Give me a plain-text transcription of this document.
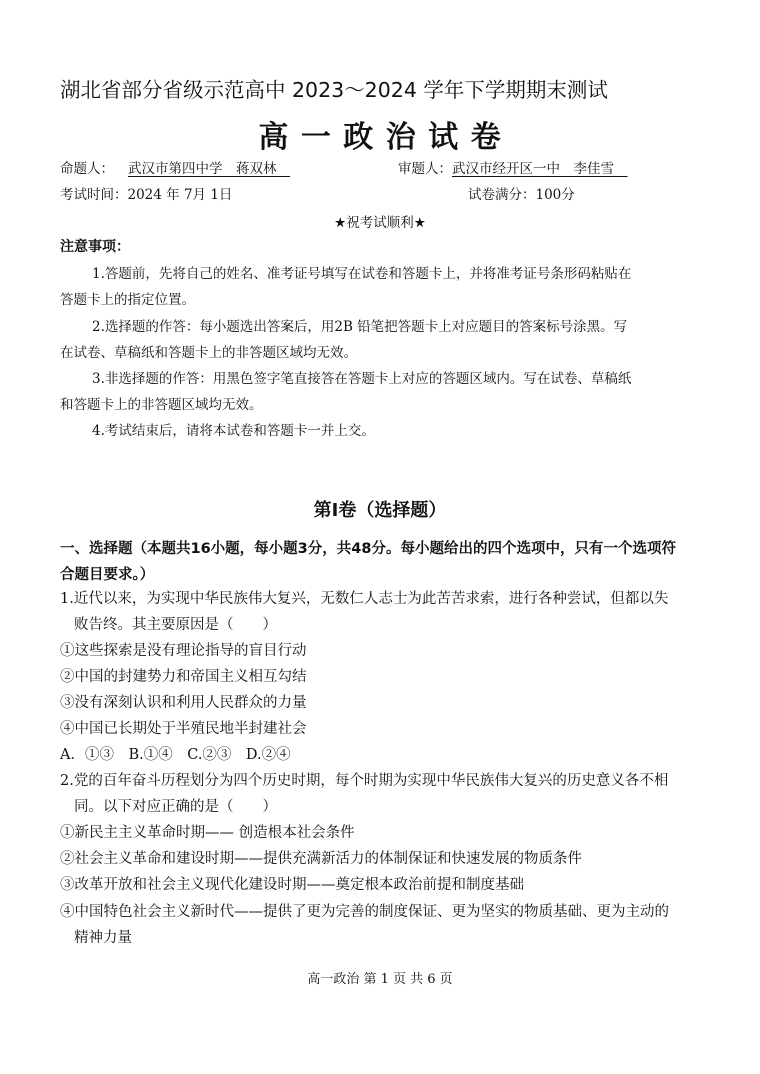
湖北省部分省级示范高中 2023～2024 学年下学期期末测试
高 一 政 治 试 卷
命题人： 武汉市第四中学　蒋双林　	审题人：武汉市经开区一中　李佳雪　
考试时间：2024 年 7月 1日	试卷满分：100分
★祝考试顺利★
注意事项：
1.答题前，先将自己的姓名、准考证号填写在试卷和答题卡上，并将准考证号条形码粘贴在
答题卡上的指定位置。
2.选择题的作答：每小题选出答案后，用2B 铅笔把答题卡上对应题目的答案标号涂黑。写
在试卷、草稿纸和答题卡上的非答题区域均无效。
3.非选择题的作答：用黑色签字笔直接答在答题卡上对应的答题区域内。写在试卷、草稿纸
和答题卡上的非答题区域均无效。
4.考试结束后，请将本试卷和答题卡一并上交。
第Ⅰ卷（选择题）
一、选择题（本题共16小题，每小题3分，共48分。每小题给出的四个选项中，只有一个选项符
合题目要求。）
1.近代以来，为实现中华民族伟大复兴，无数仁人志士为此苦苦求索，进行各种尝试，但都以失
败告终。其主要原因是（　　）
①这些探索是没有理论指导的盲目行动
②中国的封建势力和帝国主义相互勾结
③没有深刻认识和利用人民群众的力量
④中国已长期处于半殖民地半封建社会
A．①③　B.①④　C.②③　D.②④
2.党的百年奋斗历程划分为四个历史时期，每个时期为实现中华民族伟大复兴的历史意义各不相
同。以下对应正确的是（　　）
①新民主主义革命时期—— 创造根本社会条件
②社会主义革命和建设时期——提供充满新活力的体制保证和快速发展的物质条件
③改革开放和社会主义现代化建设时期——奠定根本政治前提和制度基础
④中国特色社会主义新时代——提供了更为完善的制度保证、更为坚实的物质基础、更为主动的
精神力量
高一政治 第 1 页 共 6 页
